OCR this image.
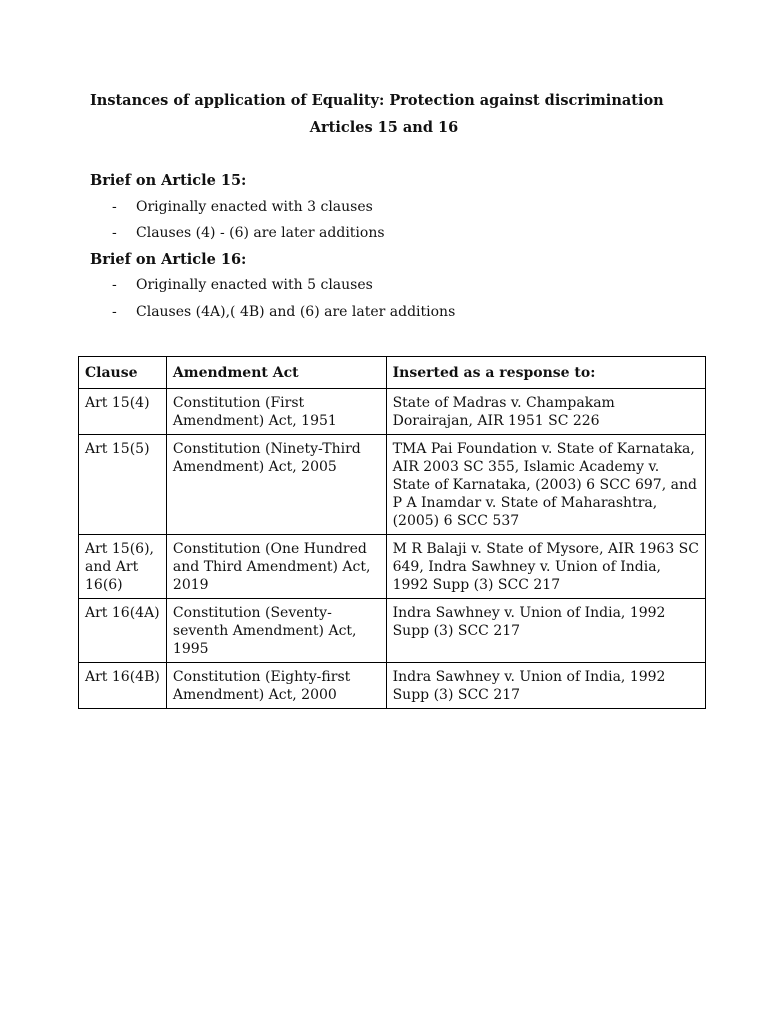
Instances of application of Equality: Protection against discrimination
Articles 15 and 16
Brief on Article 15:
- Originally enacted with 3 clauses
- Clauses (4) - (6) are later additions
Brief on Article 16:
- Originally enacted with 5 clauses
- Clauses (4A),( 4B) and (6) are later additions
Clause	Amendment Act	Inserted as a response to:
Art 15(4)	Constitution (First Amendment) Act, 1951	State of Madras v. Champakam Dorairajan, AIR 1951 SC 226
Art 15(5)	Constitution (Ninety-Third Amendment) Act, 2005	TMA Pai Foundation v. State of Karnataka, AIR 2003 SC 355, Islamic Academy v. State of Karnataka, (2003) 6 SCC 697, and P A Inamdar v. State of Maharashtra,(2005) 6 SCC 537
Art 15(6), and Art 16(6)	Constitution (One Hundred and Third Amendment) Act, 2019	M R Balaji v. State of Mysore, AIR 1963 SC 649, Indra Sawhney v. Union of India, 1992 Supp (3) SCC 217
Art 16(4A)	Constitution (Seventy-seventh Amendment) Act, 1995	Indra Sawhney v. Union of India, 1992 Supp (3) SCC 217
Art 16(4B)	Constitution (Eighty-first Amendment) Act, 2000	Indra Sawhney v. Union of India, 1992 Supp (3) SCC 217
